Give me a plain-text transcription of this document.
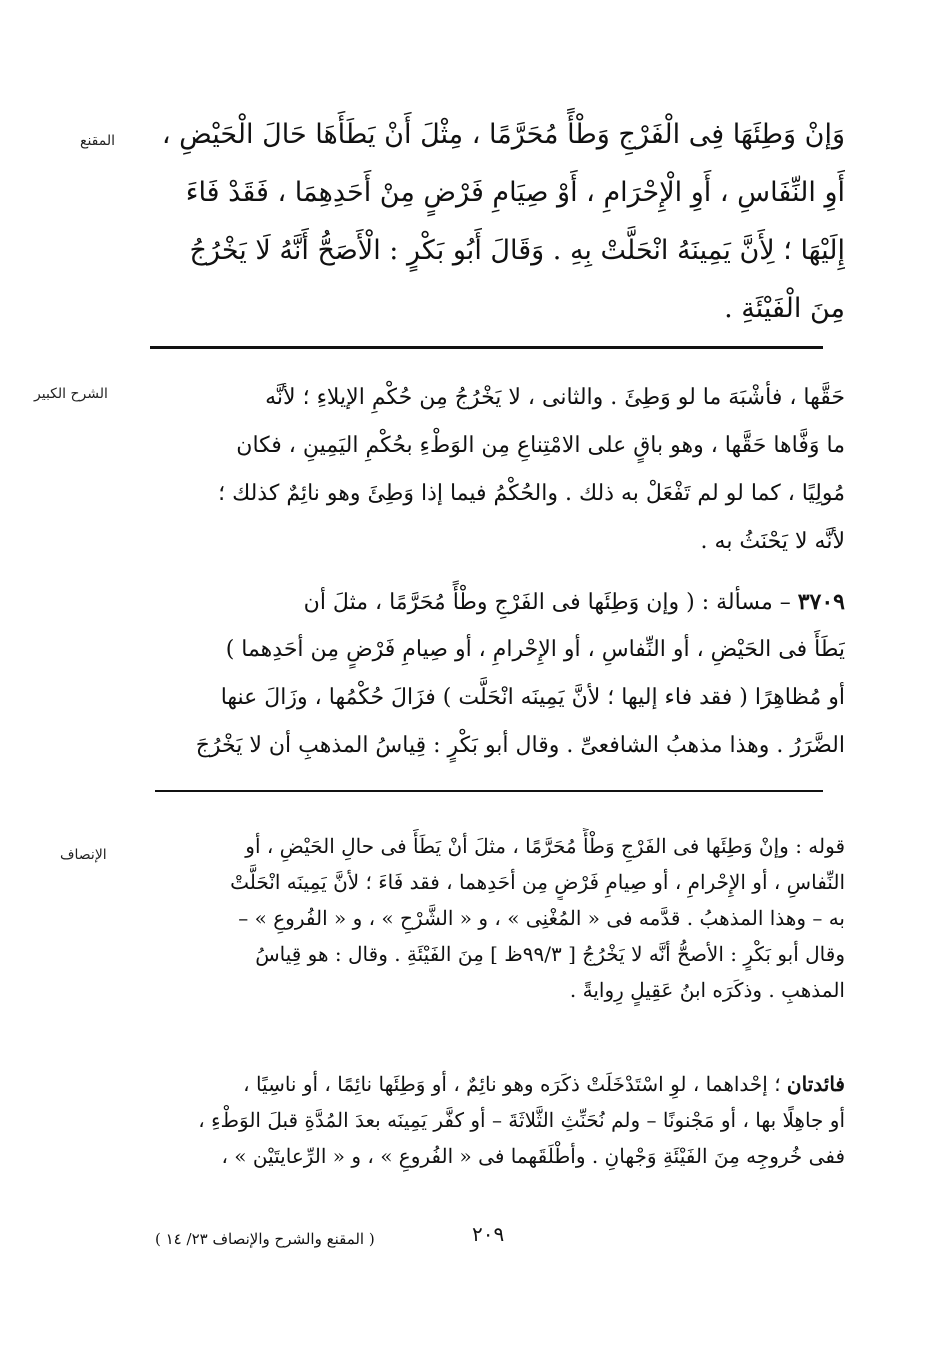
المقنع	وَإنْ وَطِئَهَا فِى الْفَرْجِ وَطْأً مُحَرَّمًا ، مِثْلَ أَنْ يَطَأَهَا حَالَ الْحَيْضِ ،
أَوِ النِّفَاسِ ، أَوِ الْإِحْرَامِ ، أَوْ صِيَامِ فَرْضٍ مِنْ أَحَدِهِمَا ، فَقَدْ فَاءَ
إِلَيْهَا ؛ لِأَنَّ يَمِينَهُ انْحَلَّتْ بِهِ . وَقَالَ أَبُو بَكْرٍ : الْأَصَحُّ أَنَّهُ لَا يَخْرُجُ
مِنَ الْفَيْئَةِ .
الشرح الكبير	حَقَّها ، فأشْبَهَ ما لو وَطِئَ . والثانى ، لا يَخْرُجُ مِن حُكْمِ الإيلاءِ ؛ لأنَّه
ما وَفَّاها حَقَّها ، وهو باقٍ على الامْتِناعِ مِن الوَطْءِ بحُكْمِ اليَمِينِ ، فكان
مُولِيًا ، كما لو لم تَفْعَلْ به ذلك . والحُكْمُ فيما إذا وَطِئَ وهو نائِمٌ كذلك ؛
لأنَّه لا يَحْنَثُ به .
٣٧٠٩ – مسألة : ( وإن وَطِئَها فى الفَرْجِ وطْأً مُحَرَّمًا ، مثلَ أن
يَطَأَ فى الحَيْضِ ، أو النِّفاسِ ، أو الإِحْرامِ ، أو صِيامِ فَرْضٍ مِن أحَدِهما )
أو مُظاهِرًا ( فقد فاء إليها ؛ لأنَّ يَمِينَه انْحَلَّت ) فزَالَ حُكْمُها ، وزَالَ عنها
الضَّرَرُ . وهذا مذهبُ الشافعىِّ . وقال أبو بَكْرٍ : قِياسُ المذهبِ أن لا يَخْرُجَ
الإنصاف	قوله : وإنْ وَطِئَها فى الفَرْجِ وَطْأً مُحَرَّمًا ، مثلَ أنْ يَطَأَ فى حالِ الحَيْضِ ، أو
النِّفاسِ ، أو الإِحْرامِ ، أو صِيامِ فَرْضٍ مِن أحَدِهما ، فقد فَاءَ ؛ لأنَّ يَمِينَه انْحَلَّتْ
به – وهذا المذهبُ . قدَّمه فى « المُغْنِى » ، و « الشَّرْحِ » ، و « الفُروعِ » –
وقال أبو بَكْرٍ : الأصحُّ أنَّه لا يَخْرُجُ [ ٩٩/٣ظ ] مِنَ الفَيْئَةِ . وقال : هو قِياسُ
المذهبِ . وذكَرَه ابنُ عَقِيلٍ رِوايةً .
فائدتان ؛ إحْداهما ، لوِ اسْتَدْخَلَتْ ذكَرَه وهو نائِمٌ ، أو وَطِئَها نائِمًا ، أو ناسِيًا ،
أو جاهِلًا بها ، أو مَجْنونًا – ولم نُحَنِّثِ الثَّلاثَةَ – أو كفَّر يَمِينَه بعدَ المُدَّةِ قبلَ الوَطْءِ ،
ففى خُروجِه مِنَ الفَيْئَةِ وَجْهانِ . وأطْلَقَهما فى « الفُروعِ » ، و « الرِّعايتَيْن » ،
٢٠٩
( المقنع والشرح والإنصاف ٢٣/ ١٤ )
